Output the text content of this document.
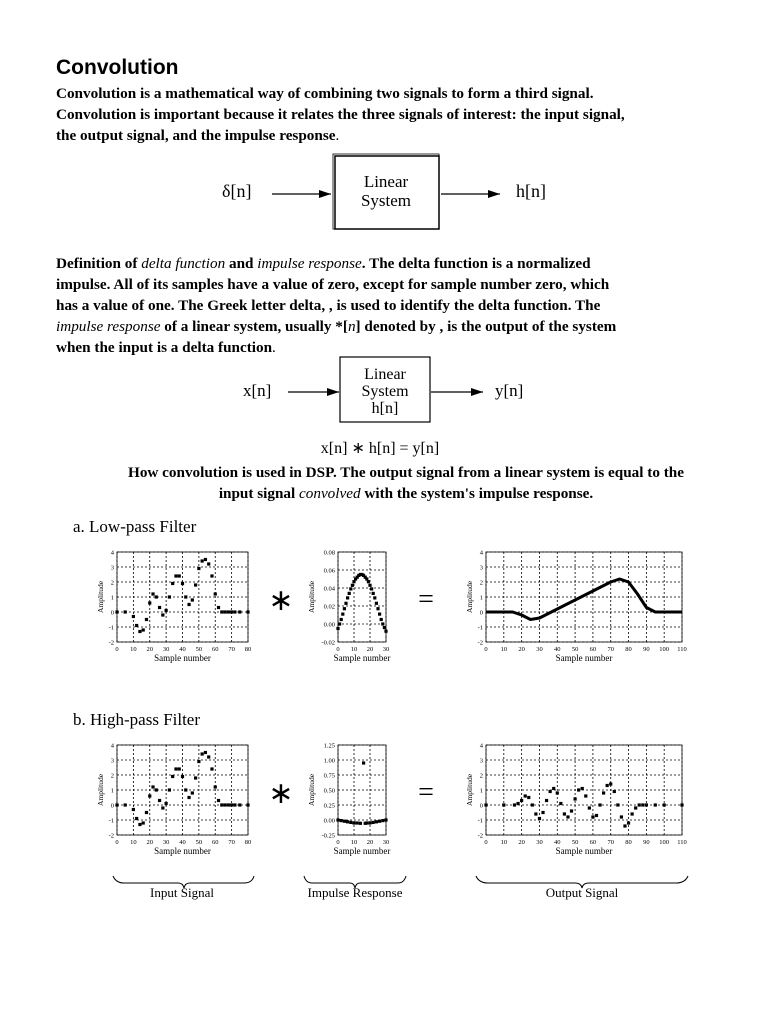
Convolution

Convolution is a mathematical way of combining two signals to form a third signal.

Convolution is important because it relates the three signals of interest: the input signal,

the output signal, and the impulse response.

δ[n]	Linear
System	h[n]

Definition of delta function and impulse response. The delta function is a normalized

impulse. All of its samples have a value of zero, except for sample number zero, which

has a value of one. The Greek letter delta, , is used to identify the delta function. The

impulse response of a linear system, usually *[n] denoted by , is the output of the system

when the input is a delta function.

x[n]
Linear
System
h[n]
y[n]
x[n] ∗ h[n] = y[n]

How convolution is used in DSP. The output signal from a linear system is equal to the

input signal convolved with the system's impulse response.

a. Low-pass Filter
b. High-pass Filter
-2
-1
0
1
2
3
4
0 10 20 30 40 50 60 70 80
Sample number
Amplitude
-0.02
0.00
0.02
0.04
0.06
0.08
0 10 20 30
Sample number
Amplitude
-2
-1
0
1
2
3
4
0 10 20 30 40 50 60 70 80 90 100 110
Sample number
Amplitude
-2
-1
0
1
2
3
4
0 10 20 30 40 50 60 70 80
Sample number
Amplitude
-0.25
0.00
0.25
0.50
0.75
1.00
1.25
0 10 20 30
Sample number
Amplitude
-2
-1
0
1
2
3
4
0 10 20 30 40 50 60 70 80 90 100 110
Sample number
Amplitude
∗	=
∗	=
Input Signal	Impulse Response	Output Signal
